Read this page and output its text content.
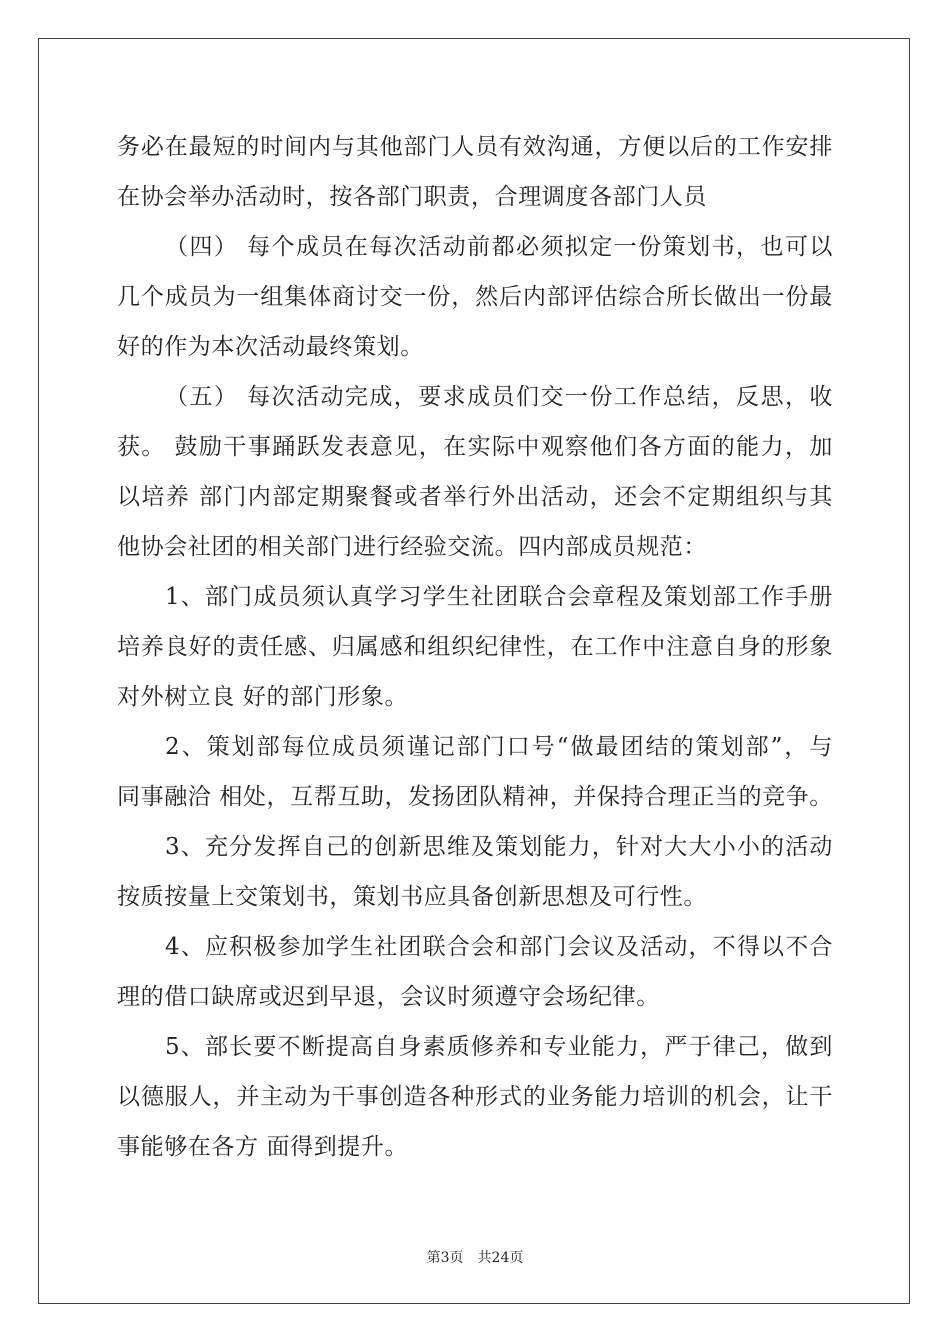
务必在最短的时间内与其他部门人员有效沟通，方便以后的工作安排
在协会举办活动时，按各部门职责，合理调度各部门人员
（四） 每个成员在每次活动前都必须拟定一份策划书，也可以
几个成员为一组集体商讨交一份，然后内部评估综合所长做出一份最
好的作为本次活动最终策划。
（五） 每次活动完成，要求成员们交一份工作总结，反思，收
获。 鼓励干事踊跃发表意见，在实际中观察他们各方面的能力，加
以培养 部门内部定期聚餐或者举行外出活动，还会不定期组织与其
他协会社团的相关部门进行经验交流。四内部成员规范：
1、部门成员须认真学习学生社团联合会章程及策划部工作手册
培养良好的责任感、归属感和组织纪律性，在工作中注意自身的形象
对外树立良 好的部门形象。
2、策划部每位成员须谨记部门口号“做最团结的策划部”，与
同事融洽 相处，互帮互助，发扬团队精神，并保持合理正当的竞争。
3、充分发挥自己的创新思维及策划能力，针对大大小小的活动
按质按量上交策划书，策划书应具备创新思想及可行性。
4、应积极参加学生社团联合会和部门会议及活动，不得以不合
理的借口缺席或迟到早退，会议时须遵守会场纪律。
5、部长要不断提高自身素质修养和专业能力，严于律己，做到
以德服人，并主动为干事创造各种形式的业务能力培训的机会，让干
事能够在各方 面得到提升。
第3页 共24页
